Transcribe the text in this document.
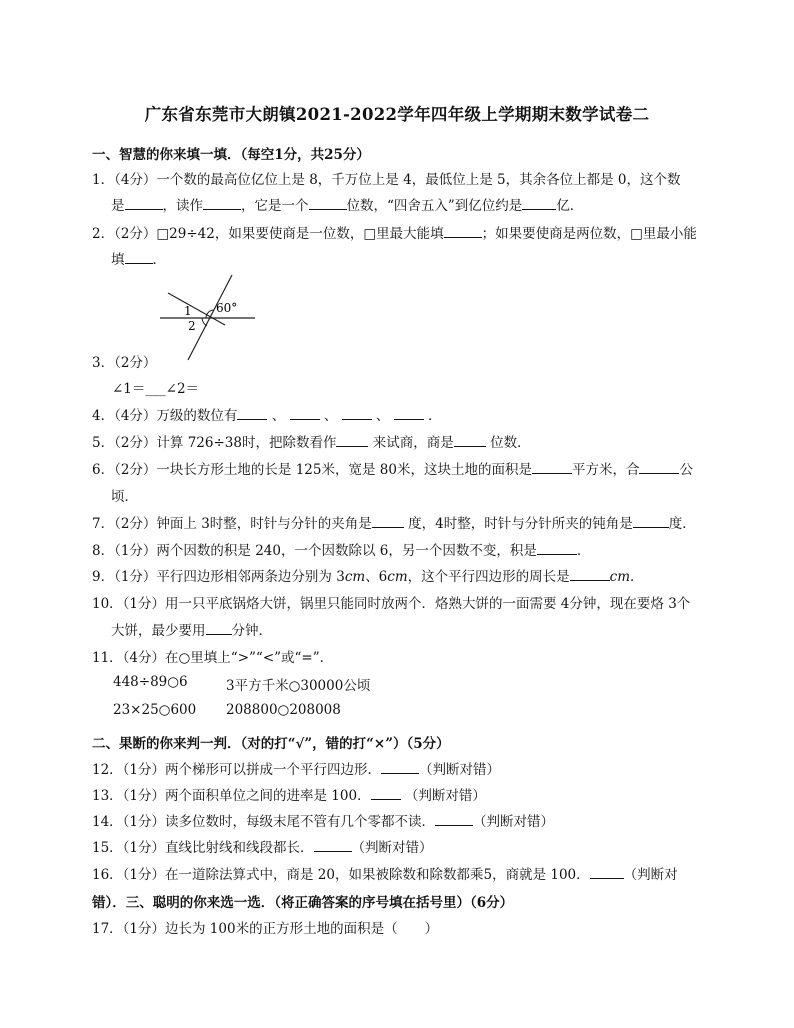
广东省东莞市大朗镇2021-2022学年四年级上学期期末数学试卷二
一、智慧的你来填一填．（每空1分，共25分）
1．（4分）一个数的最高位亿位上是 8，千万位上是 4，最低位上是 5，其余各位上都是 0，这个数
是	，读作	，它是一个	位数，“四舍五入”到亿位约是	亿．
2．（2分）□29÷42，如果要使商是一位数，□里最大能填	；如果要使商是两位数，□里最小能
填 ．
1
2
60°
3．（2分）
∠1＝___∠2＝
4．（4分）万级的数位有	、	、	、	．
5．（2分）计算 726÷38时，把除数看作	来试商，商是	位数．
6．（2分）一块长方形土地的长是 125米，宽是 80米，这块土地的面积是	平方米，合	公
顷．
7．（2分）钟面上 3时整，时针与分针的夹角是	度，4时整，时针与分针所夹的钝角是	度．
8．（1分）两个因数的积是 240，一个因数除以 6，另一个因数不变，积是	．
9．（1分）平行四边形相邻两条边分别为 3cm、6cm，这个平行四边形的周长是	cm．
10．（1分）用一只平底锅烙大饼，锅里只能同时放两个．烙熟大饼的一面需要 4分钟，现在要烙 3个
大饼，最少要用 分钟．
11．（4分）在○里填上“>”“<”或“=”．
448÷89○6	3平方千米○30000公顷
23×25○600 208800○208008
二、果断的你来判一判．（对的打“√”，错的打“×”）（5分）
12．（1分）两个梯形可以拼成一个平行四边形．	（判断对错）
13．（1分）两个面积单位之间的进率是 100．	（判断对错）
14．（1分）读多位数时，每级末尾不管有几个零都不读．	（判断对错）
15．（1分）直线比射线和线段都长．	（判断对错）
16．（1分）在一道除法算式中，商是 20，如果被除数和除数都乘5，商就是 100．	（判断对
错）．三、聪明的你来选一选．（将正确答案的序号填在括号里）（6分）
17．（1分）边长为 100米的正方形土地的面积是（　　）
